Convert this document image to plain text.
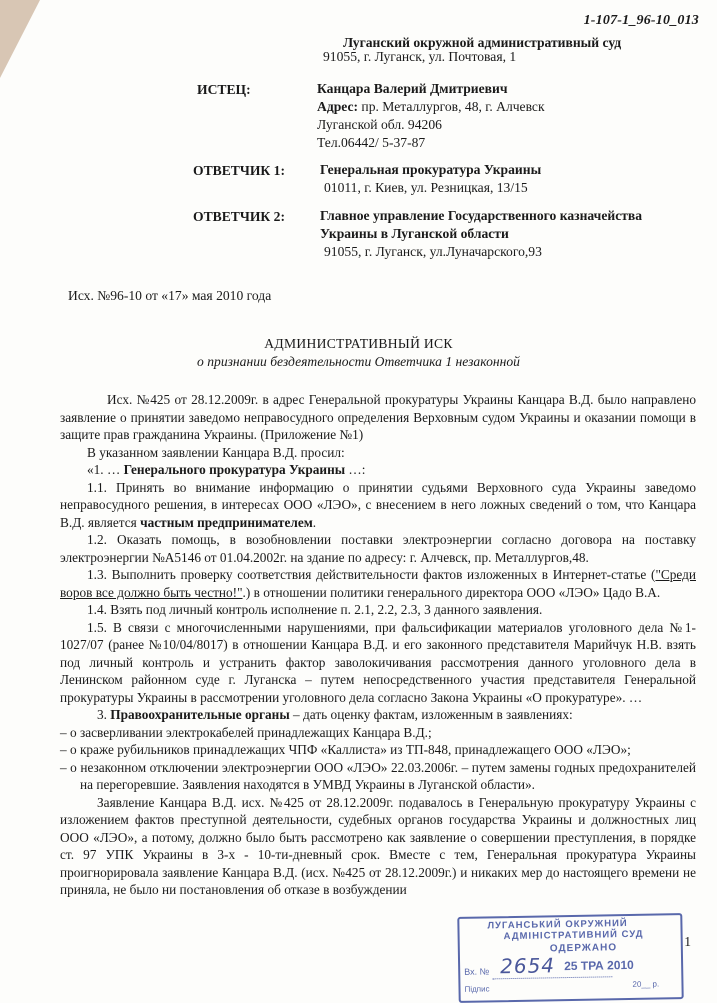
1-107-1_96-10_013
Луганский окружной административный суд
91055, г. Луганск, ул. Почтовая, 1
ИСТЕЦ:	Канцара Валерий Дмитриевич
Адрес: пр. Металлургов, 48, г. Алчевск
Луганской обл. 94206
Тел.06442/ 5-37-87
ОТВЕТЧИК 1:	Генеральная прокуратура Украины
01011, г. Киев, ул. Резницкая, 13/15
ОТВЕТЧИК 2:	Главное управление Государственного казначейства
Украины в Луганской области
91055, г. Луганск, ул.Луначарского,93
Исх. №96-10 от «17» мая 2010 года
АДМИНИСТРАТИВНЫЙ ИСК
о признании бездеятельности Ответчика 1 незаконной

Исх. №425 от 28.12.2009г. в адрес Генеральной прокуратуры Украины Канцара В.Д. было направлено заявление о принятии заведомо неправосудного определения Верховным судом Украины и оказании помощи в защите прав гражданина Украины. (Приложение №1)

В указанном заявлении Канцара В.Д. просил:

«1. … Генерального прокуратура Украины …:

1.1. Принять во внимание информацию о принятии судьями Верховного суда Украины заведомо неправосудного решения, в интересах ООО «ЛЭО», с внесением в него ложных сведений о том, что Канцара В.Д. является частным предпринимателем.

1.2. Оказать помощь, в возобновлении поставки электроэнергии согласно договора на поставку электроэнергии №А5146 от 01.04.2002г. на здание по адресу: г. Алчевск, пр. Металлургов,48.

1.3. Выполнить проверку соответствия действительности фактов изложенных в Интернет-статье ("Среди воров все должно быть честно!".) в отношении политики генерального директора ООО «ЛЭО» Цадо В.А.

1.4. Взять под личный контроль исполнение п. 2.1, 2.2, 2.3, 3 данного заявления.

1.5. В связи с многочисленными нарушениями, при фальсификации материалов уголовного дела №1-1027/07 (ранее №10/04/8017) в отношении Канцара В.Д. и его законного представителя Марийчук Н.В. взять под личный контроль и устранить фактор заволокичивания рассмотрения данного уголовного дела в Ленинском районном суде г. Луганска – путем непосредственного участия представителя Генеральной прокуратуры Украины в рассмотрении уголовного дела согласно Закона Украины «О прокуратуре». …

3. Правоохранительные органы – дать оценку фактам, изложенным в заявлениях:

– о засверливании электрокабелей принадлежащих Канцара В.Д.;

– о краже рубильников принадлежащих ЧПФ «Каллиста» из ТП-848, принадлежащего ООО «ЛЭО»;

– о незаконном отключении электроэнергии ООО «ЛЭО» 22.03.2006г. – путем замены годных предохранителей на перегоревшие. Заявления находятся в УМВД Украины в Луганской области».

Заявление Канцара В.Д. исх. №425 от 28.12.2009г. подавалось в Генеральную прокуратуру Украины с изложением фактов преступной деятельности, судебных органов государства Украины и должностных лиц ООО «ЛЭО», а потому, должно было быть рассмотрено как заявление о совершении преступления, в порядке ст. 97 УПК Украины в 3-х - 10-ти-дневный срок. Вместе с тем, Генеральная прокуратура Украины проигнорировала заявление Канцара В.Д. (исх. №425 от 28.12.2009г.) и никаких мер до настоящего времени не приняла, не было ни постановления об отказе в возбуждении

1
ЛУГАНСЬКИЙ ОКРУЖНИЙ
АДМІНІСТРАТИВНИЙ СУД
ОДЕРЖАНО
Вх. № 2654 25 ТРА 2010
Підпис
20__ р.
